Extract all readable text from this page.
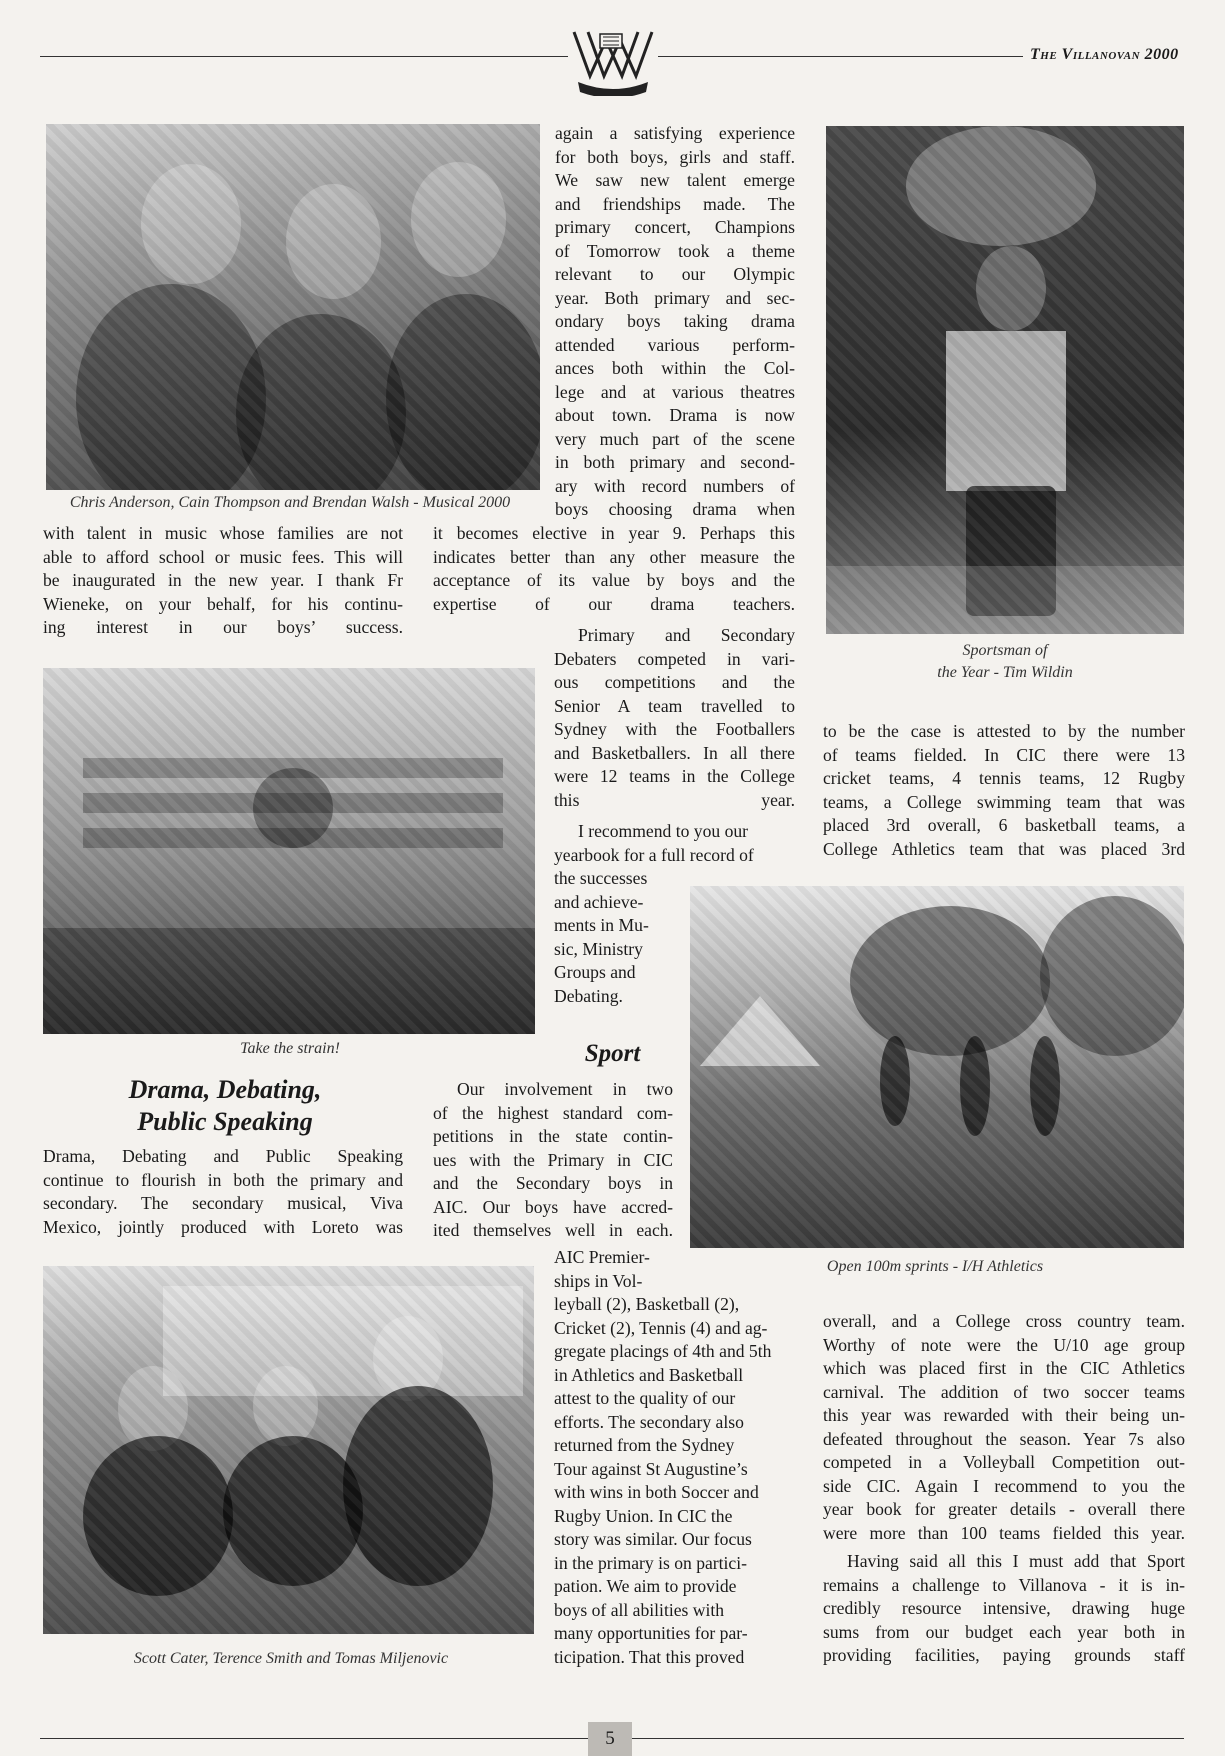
The Villanovan 2000
Chris Anderson, Cain Thompson and Brendan Walsh - Musical 2000
Sportsman of
the Year - Tim Wildin
with talent in music whose families are not
able to afford school or music fees. This will
be inaugurated in the new year. I thank Fr
Wieneke, on your behalf, for his continu-
ing interest in our boys’ success.
Take the strain!
Drama, Debating,
Public Speaking
Drama, Debating and Public Speaking
continue to flourish in both the primary and
secondary. The secondary musical, Viva
Mexico, jointly produced with Loreto was
Scott Cater, Terence Smith and Tomas Miljenovic
again a satisfying experience
for both boys, girls and staff.
We saw new talent emerge
and friendships made. The
primary concert, Champions
of Tomorrow took a theme
relevant to our Olympic
year. Both primary and sec-
ondary boys taking drama
attended various perform-
ances both within the Col-
lege and at various theatres
about town. Drama is now
very much part of the scene
in both primary and second-
ary with record numbers of
boys choosing drama when
it becomes elective in year 9. Perhaps this
indicates better than any other measure the
acceptance of its value by boys and the
expertise of our drama teachers.
Primary and Secondary
Debaters competed in vari-
ous competitions and the
Senior A team travelled to
Sydney with the Footballers
and Basketballers. In all there
were 12 teams in the College
this year.
I recommend to you our
yearbook for a full record of
the successes
and achieve-
ments in Mu-
sic, Ministry
Groups and
Debating.
Sport
Our involvement in two
of the highest standard com-
petitions in the state contin-
ues with the Primary in CIC
and the Secondary boys in
AIC. Our boys have accred-
ited themselves well in each.
AIC Premier-
ships in Vol-
leyball (2), Basketball (2),
Cricket (2), Tennis (4) and ag-
gregate placings of 4th and 5th
in Athletics and Basketball
attest to the quality of our
efforts. The secondary also
returned from the Sydney
Tour against St Augustine’s
with wins in both Soccer and
Rugby Union. In CIC the
story was similar. Our focus
in the primary is on partici-
pation. We aim to provide
boys of all abilities with
many opportunities for par-
ticipation. That this proved
Open 100m sprints - I/H Athletics
to be the case is attested to by the number
of teams fielded. In CIC there were 13
cricket teams, 4 tennis teams, 12 Rugby
teams, a College swimming team that was
placed 3rd overall, 6 basketball teams, a
College Athletics team that was placed 3rd
overall, and a College cross country team.
Worthy of note were the U/10 age group
which was placed first in the CIC Athletics
carnival. The addition of two soccer teams
this year was rewarded with their being un-
defeated throughout the season. Year 7s also
competed in a Volleyball Competition out-
side CIC. Again I recommend to you the
year book for greater details - overall there
were more than 100 teams fielded this year.
Having said all this I must add that Sport
remains a challenge to Villanova - it is in-
credibly resource intensive, drawing huge
sums from our budget each year both in
providing facilities, paying grounds staff
5
